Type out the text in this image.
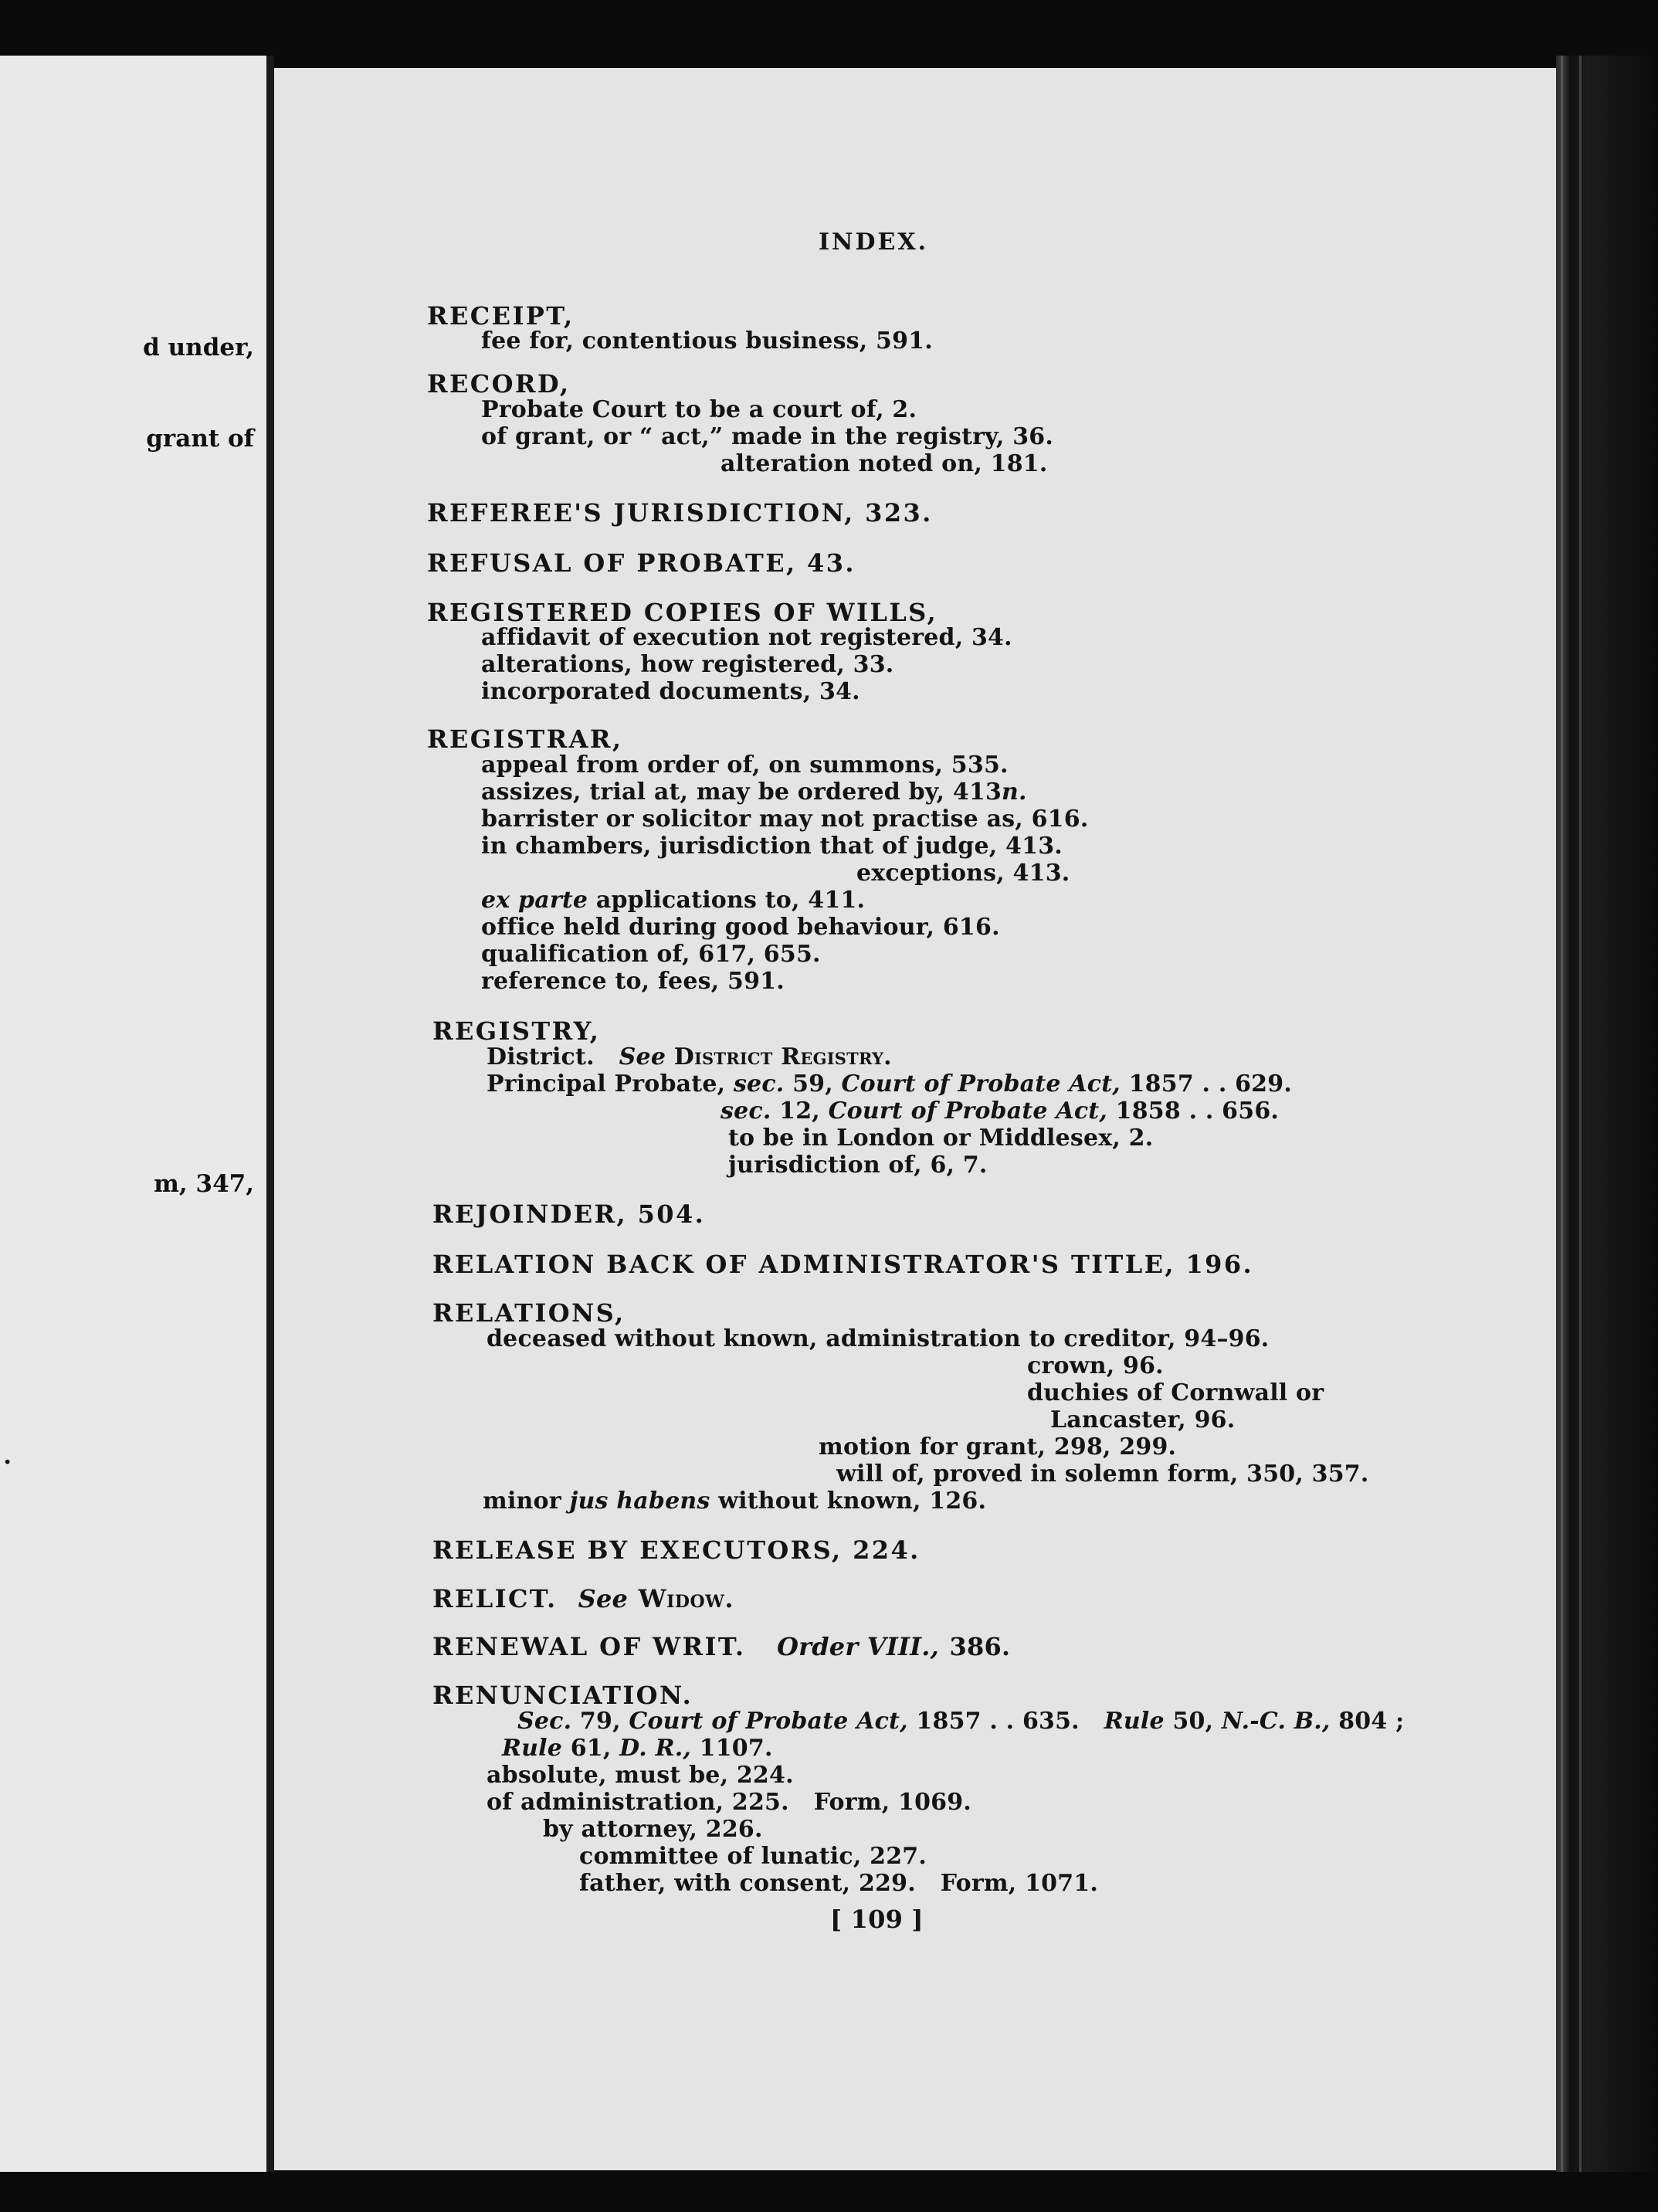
d under,
grant of
m, 347,
.
INDEX.
RECEIPT,
fee for, contentious business, 591.
RECORD,
Probate Court to be a court of, 2.
of grant, or “ act,” made in the registry, 36.
alteration noted on, 181.
REFEREE'S JURISDICTION, 323.
REFUSAL OF PROBATE, 43.
REGISTERED COPIES OF WILLS,
affidavit of execution not registered, 34.
alterations, how registered, 33.
incorporated documents, 34.
REGISTRAR,
appeal from order of, on summons, 535.
assizes, trial at, may be ordered by, 413n.
barrister or solicitor may not practise as, 616.
in chambers, jurisdiction that of judge, 413.
exceptions, 413.
ex parte applications to, 411.
office held during good behaviour, 616.
qualification of, 617, 655.
reference to, fees, 591.
REGISTRY,
District. See District Registry.
Principal Probate, sec. 59, Court of Probate Act, 1857 . . 629.
sec. 12, Court of Probate Act, 1858 . . 656.
to be in London or Middlesex, 2.
jurisdiction of, 6, 7.
REJOINDER, 504.
RELATION BACK OF ADMINISTRATOR'S TITLE, 196.
RELATIONS,
deceased without known, administration to creditor, 94–96.
crown, 96.
duchies of Cornwall or
Lancaster, 96.
motion for grant, 298, 299.
will of, proved in solemn form, 350, 357.
minor jus habens without known, 126.
RELEASE BY EXECUTORS, 224.
RELICT. See Widow.
RENEWAL OF WRIT. Order VIII., 386.
RENUNCIATION.
Sec. 79, Court of Probate Act, 1857 . . 635. Rule 50, N.-C. B., 804 ;
Rule 61, D. R., 1107.
absolute, must be, 224.
of administration, 225. Form, 1069.
by attorney, 226.
committee of lunatic, 227.
father, with consent, 229. Form, 1071.
[ 109 ]
